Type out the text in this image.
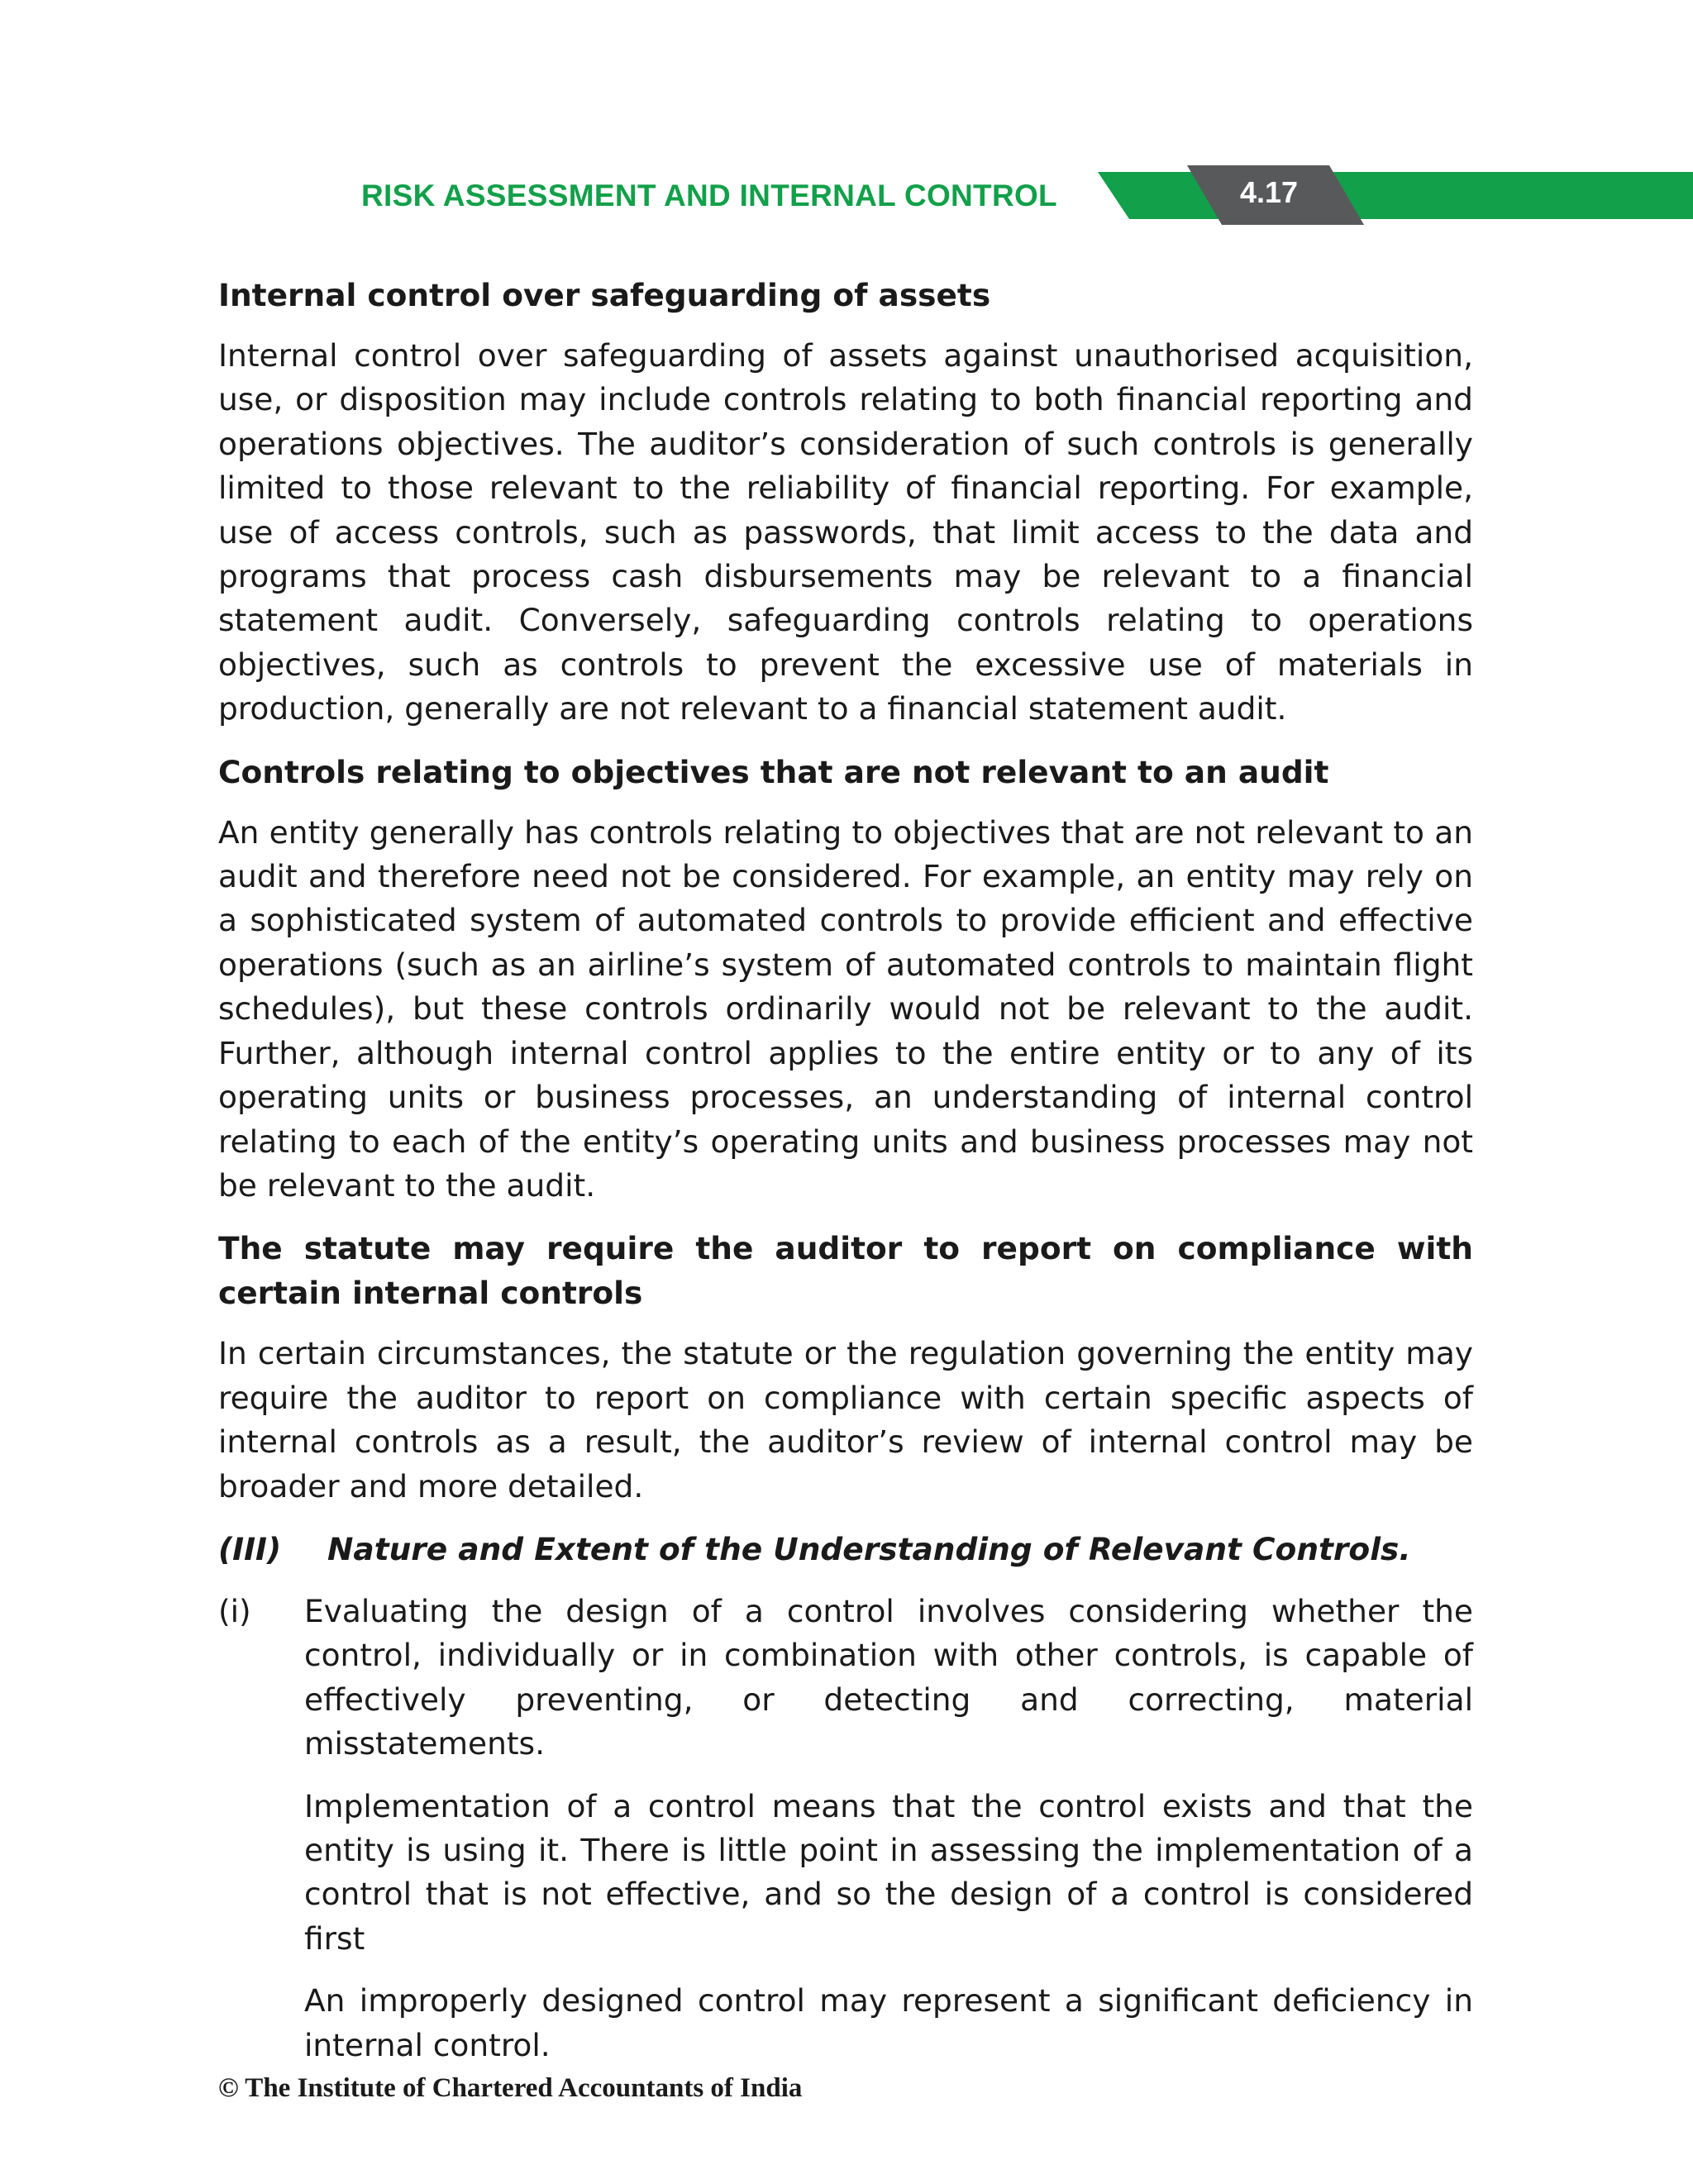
RISK ASSESSMENT AND INTERNAL CONTROL	4.17
Internal control over safeguarding of assets

Internal control over safeguarding of assets against unauthorised acquisition, use, or disposition may include controls relating to both financial reporting and operations objectives. The auditor’s consideration of such controls is generally limited to those relevant to the reliability of financial reporting. For example, use of access controls, such as passwords, that limit access to the data and programs that process cash disbursements may be relevant to a financial statement audit. Conversely, safeguarding controls relating to operations objectives, such as controls to prevent the excessive use of materials in production, generally are not relevant to a financial statement audit.

Controls relating to objectives that are not relevant to an audit

An entity generally has controls relating to objectives that are not relevant to an audit and therefore need not be considered. For example, an entity may rely on a sophisticated system of automated controls to provide efficient and effective operations (such as an airline’s system of automated controls to maintain flight schedules), but these controls ordinarily would not be relevant to the audit. Further, although internal control applies to the entire entity or to any of its operating units or business processes, an understanding of internal control relating to each of the entity’s operating units and business processes may not be relevant to the audit.

The statute may require the auditor to report on compliance with certain internal controls

In certain circumstances, the statute or the regulation governing the entity may require the auditor to report on compliance with certain specific aspects of internal controls as a result, the auditor’s review of internal control may be broader and more detailed.

(III)	Nature and Extent of the Understanding of Relevant Controls.
(i)	Evaluating the design of a control involves considering whether the control, individually or in combination with other controls, is capable of effectively preventing, or detecting and correcting, material misstatements.

Implementation of a control means that the control exists and that the entity is using it. There is little point in assessing the implementation of a control that is not effective, and so the design of a control is considered first

An improperly designed control may represent a significant deficiency in internal control.

© The Institute of Chartered Accountants of India
